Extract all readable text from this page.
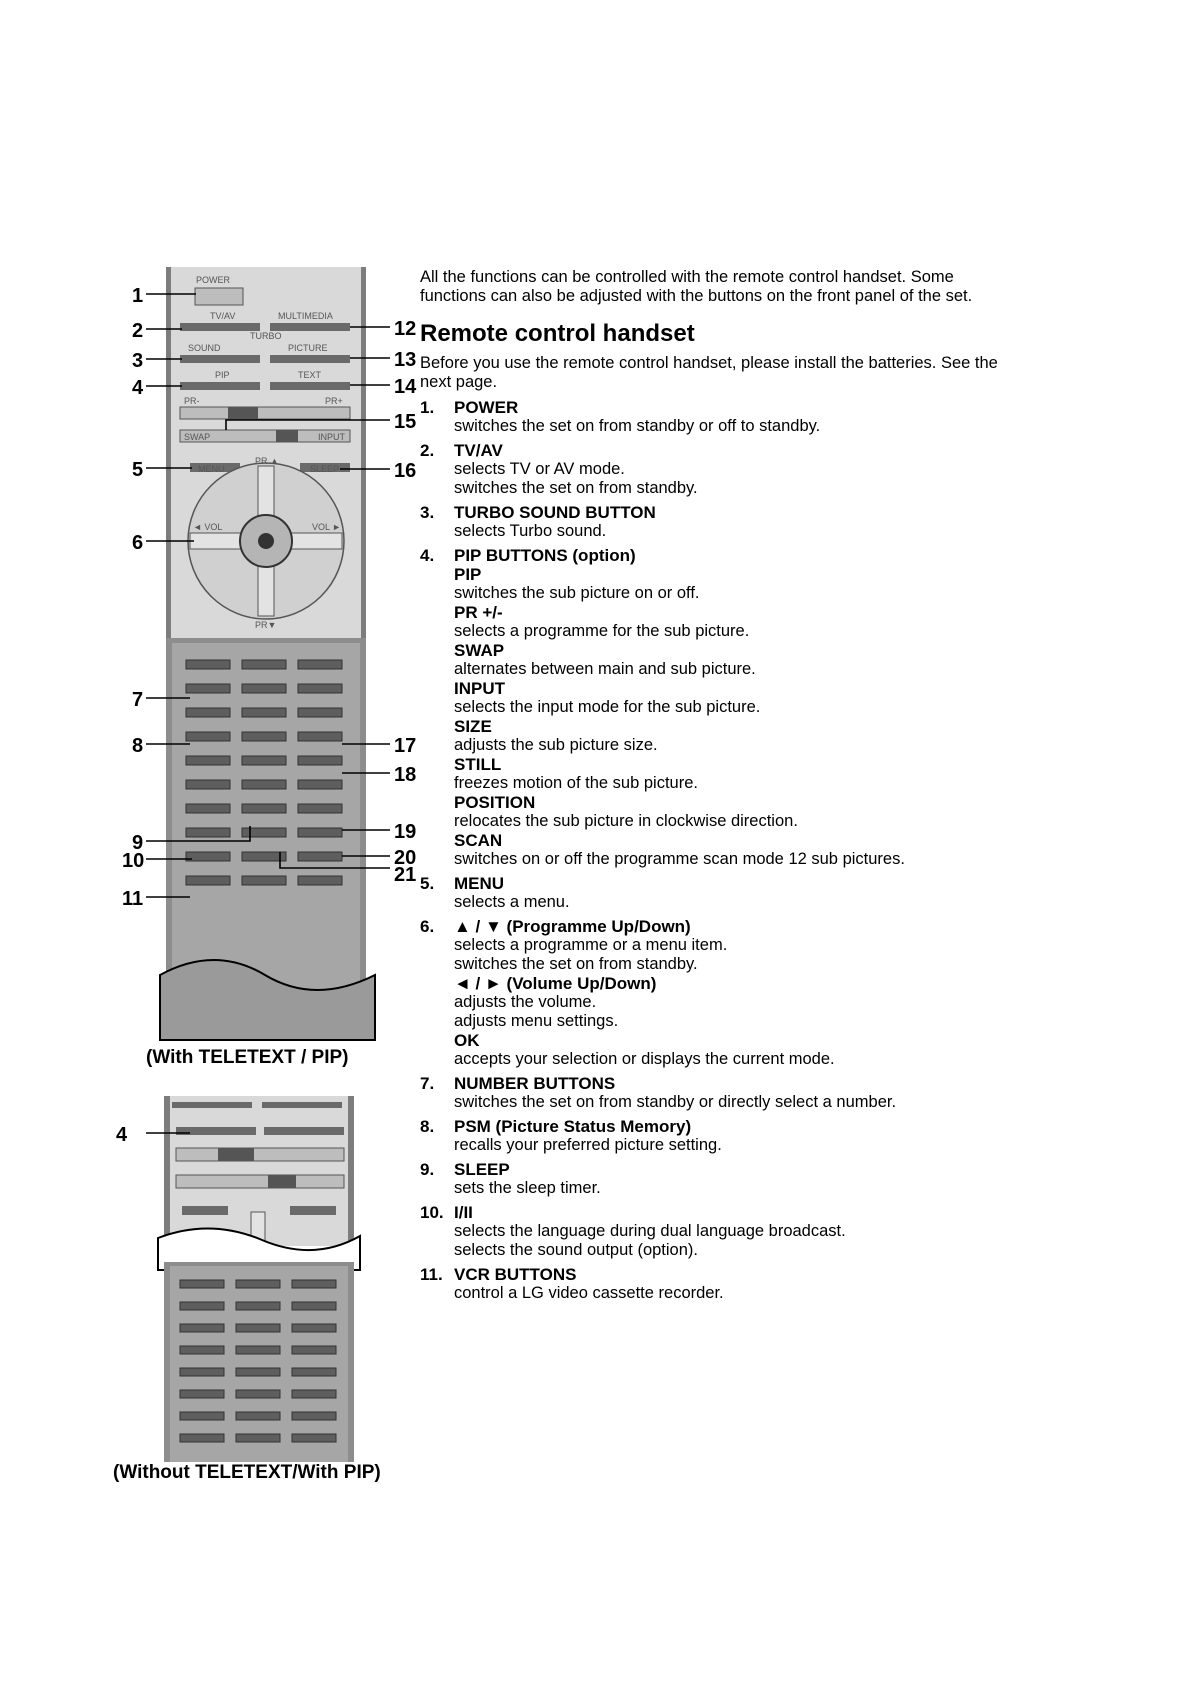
POWER
TV/AV	MULTIMEDIA
TURBO
SOUND	PICTURE
PIP	TEXT
PR-	PR+
SWAP	INPUT
MENU	SLEEP
PR ▲
PR▼
◄ VOL	VOL ►
1
2
3
4
5
6
7
8
9
10
11
12
13
14
15
16
17
18
19
20
21
4
(With TELETEXT / PIP)
(Without TELETEXT/With PIP)

All the functions can be controlled with the remote control handset. Some functions can also be adjusted with the buttons on the front panel of the set.

Remote control handset

Before you use the remote control handset, please install the batteries. See the next page.

1.	POWER
switches the set on from standby or off to standby.
2.	TV/AV
selects TV or AV mode.
switches the set on from standby.
3.	TURBO SOUND BUTTON
selects Turbo sound.
4.	PIP BUTTONS (option)
PIP
switches the sub picture on or off.
PR +/-
selects a programme for the sub picture.
SWAP
alternates between main and sub picture.
INPUT
selects the input mode for the sub picture.
SIZE
adjusts the sub picture size.
STILL
freezes motion of the sub picture.
POSITION
relocates the sub picture in clockwise direction.
SCAN
switches on or off the programme scan mode 12 sub pictures.
5.	MENU
selects a menu.
6.	▲ / ▼ (Programme Up/Down)
selects a programme or a menu item.
switches the set on from standby.
◄ / ► (Volume Up/Down)
adjusts the volume.
adjusts menu settings.
OK
accepts your selection or displays the current mode.
7.	NUMBER BUTTONS
switches the set on from standby or directly select a number.
8.	PSM (Picture Status Memory)
recalls your preferred picture setting.
9.	SLEEP
sets the sleep timer.
10. I/II
selects the language during dual language broadcast.
selects the sound output (option).
11. VCR BUTTONS
control a LG video cassette recorder.
